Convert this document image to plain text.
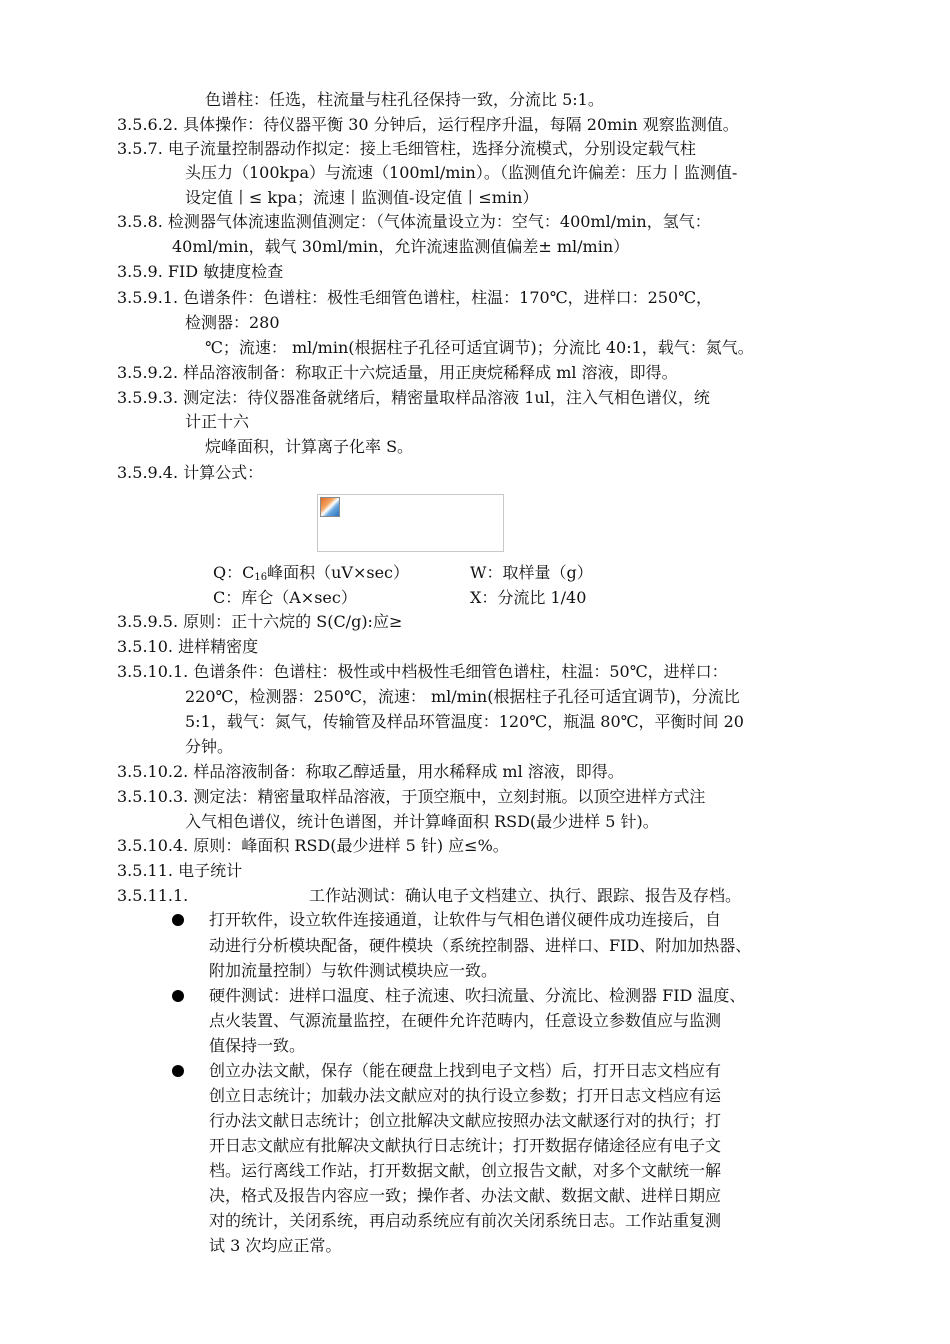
色谱柱：任选，柱流量与柱孔径保持一致，分流比 5:1。
3.5.6.2. 具体操作：待仪器平衡 30 分钟后，运行程序升温，每隔 20min 观察监测值。
3.5.7. 电子流量控制器动作拟定：接上毛细管柱，选择分流模式，分别设定载气柱
头压力（100kpa）与流速（100ml/min）。（监测值允许偏差：压力丨监测值-
设定值丨≤ kpa；流速丨监测值-设定值丨≤min）
3.5.8. 检测器气体流速监测值测定：（气体流量设立为：空气：400ml/min，氢气：
40ml/min，载气 30ml/min，允许流速监测值偏差± ml/min）
3.5.9. FID 敏捷度检查
3.5.9.1. 色谱条件：色谱柱：极性毛细管色谱柱，柱温：170℃，进样口：250℃，
检测器：280
℃；流速： ml/min(根据柱子孔径可适宜调节)；分流比 40:1，载气：氮气。
3.5.9.2. 样品溶液制备：称取正十六烷适量，用正庚烷稀释成 ml 溶液，即得。
3.5.9.3. 测定法：待仪器准备就绪后，精密量取样品溶液 1ul，注入气相色谱仪，统
计正十六
烷峰面积，计算离子化率 S。
3.5.9.4. 计算公式：
Q：$C_{16}$峰面积（uV×sec）	W：取样量（g）
C：库仑（A×sec）	X：分流比 1/40
3.5.9.5. 原则：正十六烷的 S(C/g):应≥
3.5.10. 进样精密度
3.5.10.1. 色谱条件：色谱柱：极性或中档极性毛细管色谱柱，柱温：50℃，进样口：
220℃，检测器：250℃，流速： ml/min(根据柱子孔径可适宜调节)，分流比
5:1，载气：氮气，传输管及样品环管温度：120℃，瓶温 80℃，平衡时间 20
分钟。
3.5.10.2. 样品溶液制备：称取乙醇适量，用水稀释成 ml 溶液，即得。
3.5.10.3. 测定法：精密量取样品溶液，于顶空瓶中，立刻封瓶。以顶空进样方式注
入气相色谱仪，统计色谱图，并计算峰面积 RSD(最少进样 5 针)。
3.5.10.4. 原则：峰面积 RSD(最少进样 5 针) 应≤%。
3.5.11. 电子统计
3.5.11.1.	工作站测试：确认电子文档建立、执行、跟踪、报告及存档。
打开软件，设立软件连接通道，让软件与气相色谱仪硬件成功连接后，自
动进行分析模块配备，硬件模块（系统控制器、进样口、FID、附加加热器、
附加流量控制）与软件测试模块应一致。
硬件测试：进样口温度、柱子流速、吹扫流量、分流比、检测器 FID 温度、
点火装置、气源流量监控，在硬件允许范畴内，任意设立参数值应与监测
值保持一致。
创立办法文献，保存（能在硬盘上找到电子文档）后，打开日志文档应有
创立日志统计；加载办法文献应对的执行设立参数；打开日志文档应有运
行办法文献日志统计；创立批解决文献应按照办法文献逐行对的执行；打
开日志文献应有批解决文献执行日志统计；打开数据存储途径应有电子文
档。运行离线工作站，打开数据文献，创立报告文献，对多个文献统一解
决，格式及报告内容应一致；操作者、办法文献、数据文献、进样日期应
对的统计，关闭系统，再启动系统应有前次关闭系统日志。工作站重复测
试 3 次均应正常。
